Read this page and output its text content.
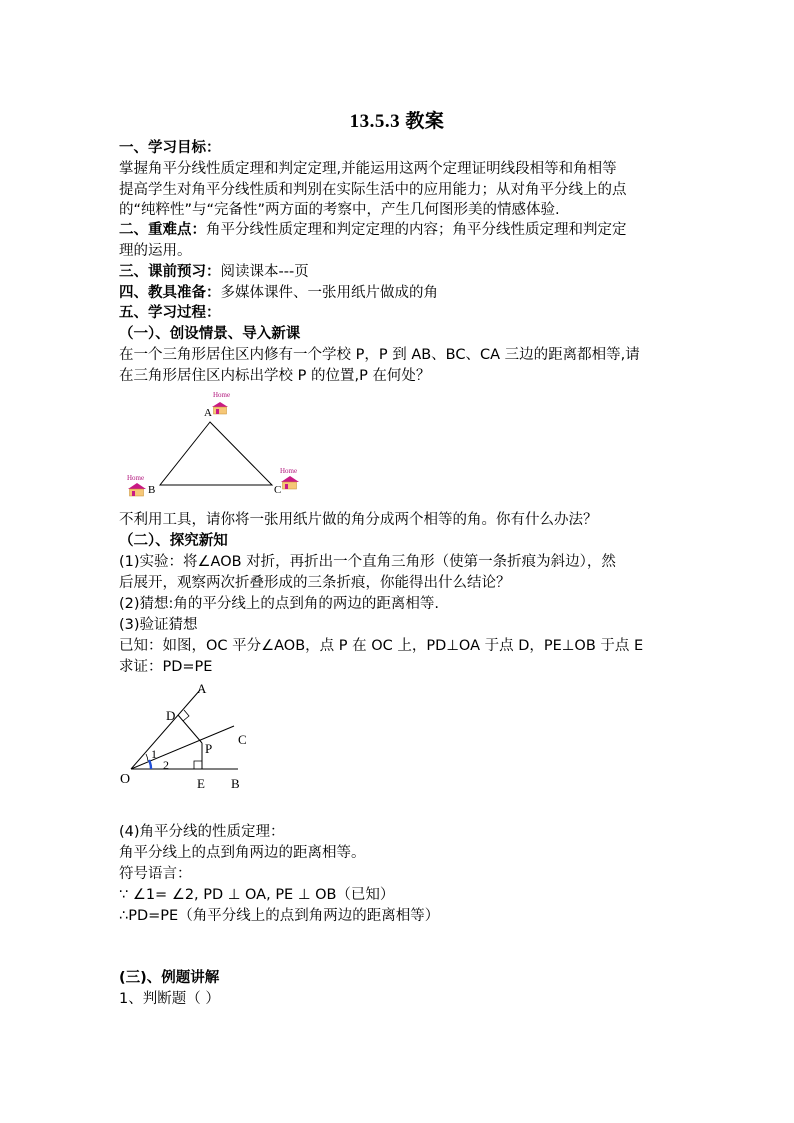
13.5.3 教案
一、学习目标：
掌握角平分线性质定理和判定定理,并能运用这两个定理证明线段相等和角相等
提高学生对角平分线性质和判别在实际生活中的应用能力；从对角平分线上的点
的“纯粹性”与“完备性”两方面的考察中，产生几何图形美的情感体验.
二、重难点：角平分线性质定理和判定定理的内容；角平分线性质定理和判定定
理的运用。
三、课前预习：阅读课本---页
四、教具准备：多媒体课件、一张用纸片做成的角
五、学习过程：
（一）、创设情景、导入新课
在一个三角形居住区内修有一个学校 P，P 到 AB、BC、CA 三边的距离都相等,请
在三角形居住区内标出学校 P 的位置,P 在何处？
Home
A
Home
B
Home
C
不利用工具，请你将一张用纸片做的角分成两个相等的角。你有什么办法？
（二）、探究新知
(1)实验：将∠AOB 对折，再折出一个直角三角形（使第一条折痕为斜边），然
后展开，观察两次折叠形成的三条折痕，你能得出什么结论？
(2)猜想:角的平分线上的点到角的两边的距离相等.
(3)验证猜想
已知：如图，OC 平分∠AOB，点 P 在 OC 上，PD⊥OA 于点 D，PE⊥OB 于点 E
求证：PD=PE
A
D
C
P
1
2
O	E B
(4)角平分线的性质定理：
角平分线上的点到角两边的距离相等。
符号语言：
∵ ∠1= ∠2, PD ⊥ OA, PE ⊥ OB（已知）
∴PD=PE（角平分线上的点到角两边的距离相等）
(三)、例题讲解
1、判断题（ ）
